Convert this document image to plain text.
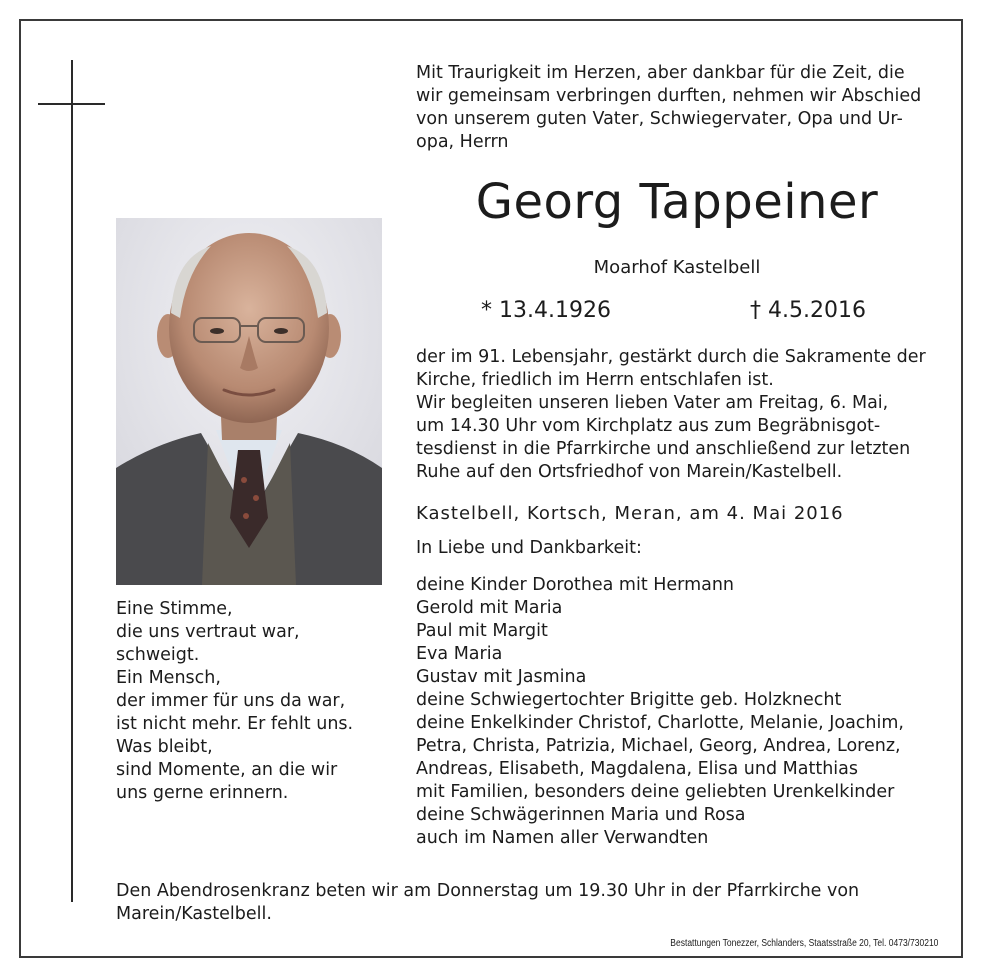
Mit Traurigkeit im Herzen, aber dankbar für die Zeit, die
wir gemeinsam verbringen durften, nehmen wir Abschied
von unserem guten Vater, Schwiegervater, Opa und Ur-
opa, Herrn
Georg Tappeiner
Moarhof Kastelbell
* 13.4.1926	† 4.5.2016
der im 91. Lebensjahr, gestärkt durch die Sakramente der
Kirche, friedlich im Herrn entschlafen ist.
Wir begleiten unseren lieben Vater am Freitag, 6. Mai,
um 14.30 Uhr vom Kirchplatz aus zum Begräbnisgot-
tesdienst in die Pfarrkirche und anschließend zur letzten
Ruhe auf den Ortsfriedhof von Marein/Kastelbell.
Kastelbell, Kortsch, Meran, am 4. Mai 2016
In Liebe und Dankbarkeit:
deine Kinder Dorothea mit Hermann
Gerold mit Maria
Paul mit Margit
Eva Maria
Gustav mit Jasmina
deine Schwiegertochter Brigitte geb. Holzknecht
deine Enkelkinder Christof, Charlotte, Melanie, Joachim,
Petra, Christa, Patrizia, Michael, Georg, Andrea, Lorenz,
Andreas, Elisabeth, Magdalena, Elisa und Matthias
mit Familien, besonders deine geliebten Urenkelkinder
deine Schwägerinnen Maria und Rosa
auch im Namen aller Verwandten
Eine Stimme,
die uns vertraut war,
schweigt.
Ein Mensch,
der immer für uns da war,
ist nicht mehr. Er fehlt uns.
Was bleibt,
sind Momente, an die wir
uns gerne erinnern.
Den Abendrosenkranz beten wir am Donnerstag um 19.30 Uhr in der Pfarrkirche von
Marein/Kastelbell.
Bestattungen Tonezzer, Schlanders, Staatsstraße 20, Tel. 0473/730210
